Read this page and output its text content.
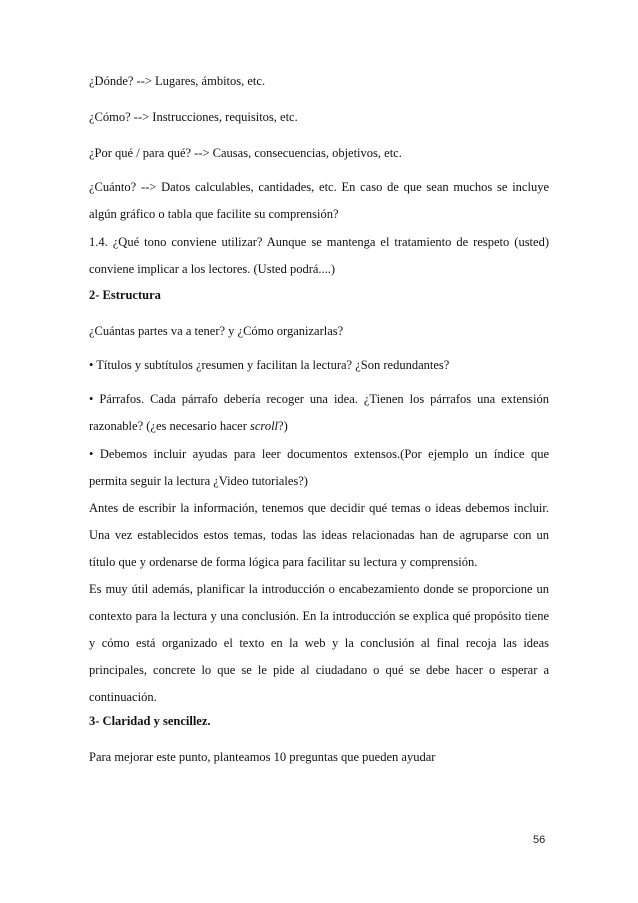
¿Dónde? --> Lugares, ámbitos, etc.

¿Cómo? --> Instrucciones, requisitos, etc.

¿Por qué / para qué? --> Causas, consecuencias, objetivos, etc.

¿Cuánto? --> Datos calculables, cantidades, etc. En caso de que sean muchos se incluye algún gráfico o tabla que facilite su comprensión?

1.4. ¿Qué tono conviene utilizar? Aunque se mantenga el tratamiento de respeto (usted) conviene implicar a los lectores. (Usted podrá....)

2- Estructura

¿Cuántas partes va a tener? y ¿Cómo organizarlas?

• Títulos y subtítulos ¿resumen y facilitan la lectura? ¿Son redundantes?

• Párrafos. Cada párrafo debería recoger una idea. ¿Tienen los párrafos una extensión razonable? (¿es necesario hacer scroll?)

• Debemos incluir ayudas para leer documentos extensos.(Por ejemplo un índice que permita seguir la lectura ¿Video tutoriales?)

Antes de escribir la información, tenemos que decidir qué temas o ideas debemos incluir. Una vez establecidos estos temas, todas las ideas relacionadas han de agruparse con un título que y ordenarse de forma lógica para facilitar su lectura y comprensión.

Es muy útil además, planificar la introducción o encabezamiento donde se proporcione un contexto para la lectura y una conclusión. En la introducción se explica qué propósito tiene y cómo está organizado el texto en la web y la conclusión al final recoja las ideas principales, concrete lo que se le pide al ciudadano o qué se debe hacer o esperar a continuación.

3- Claridad y sencillez.

Para mejorar este punto, planteamos 10 preguntas que pueden ayudar

56
